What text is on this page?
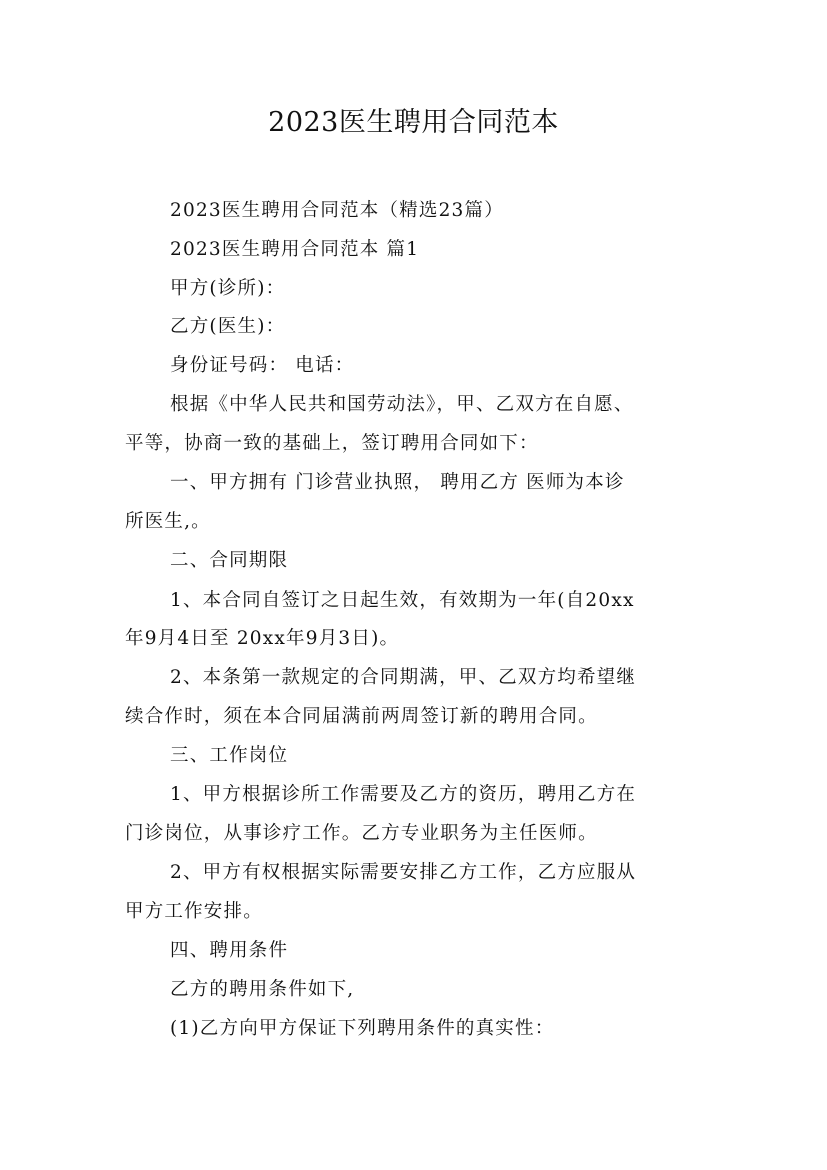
2023医生聘用合同范本
2023医生聘用合同范本（精选23篇）
2023医生聘用合同范本 篇1
甲方(诊所)：
乙方(医生)：
身份证号码： 电话：
根据《中华人民共和国劳动法》，甲、乙双方在自愿、
平等，协商一致的基础上，签订聘用合同如下：
一、甲方拥有 门诊营业执照， 聘用乙方 医师为本诊
所医生,。
二、合同期限
1、本合同自签订之日起生效，有效期为一年(自20xx
年9月4日至 20xx年9月3日)。
2、本条第一款规定的合同期满，甲、乙双方均希望继
续合作时，须在本合同届满前两周签订新的聘用合同。
三、工作岗位
1、甲方根据诊所工作需要及乙方的资历，聘用乙方在
门诊岗位，从事诊疗工作。乙方专业职务为主任医师。
2、甲方有权根据实际需要安排乙方工作，乙方应服从
甲方工作安排。
四、聘用条件
乙方的聘用条件如下,
(1)乙方向甲方保证下列聘用条件的真实性：
